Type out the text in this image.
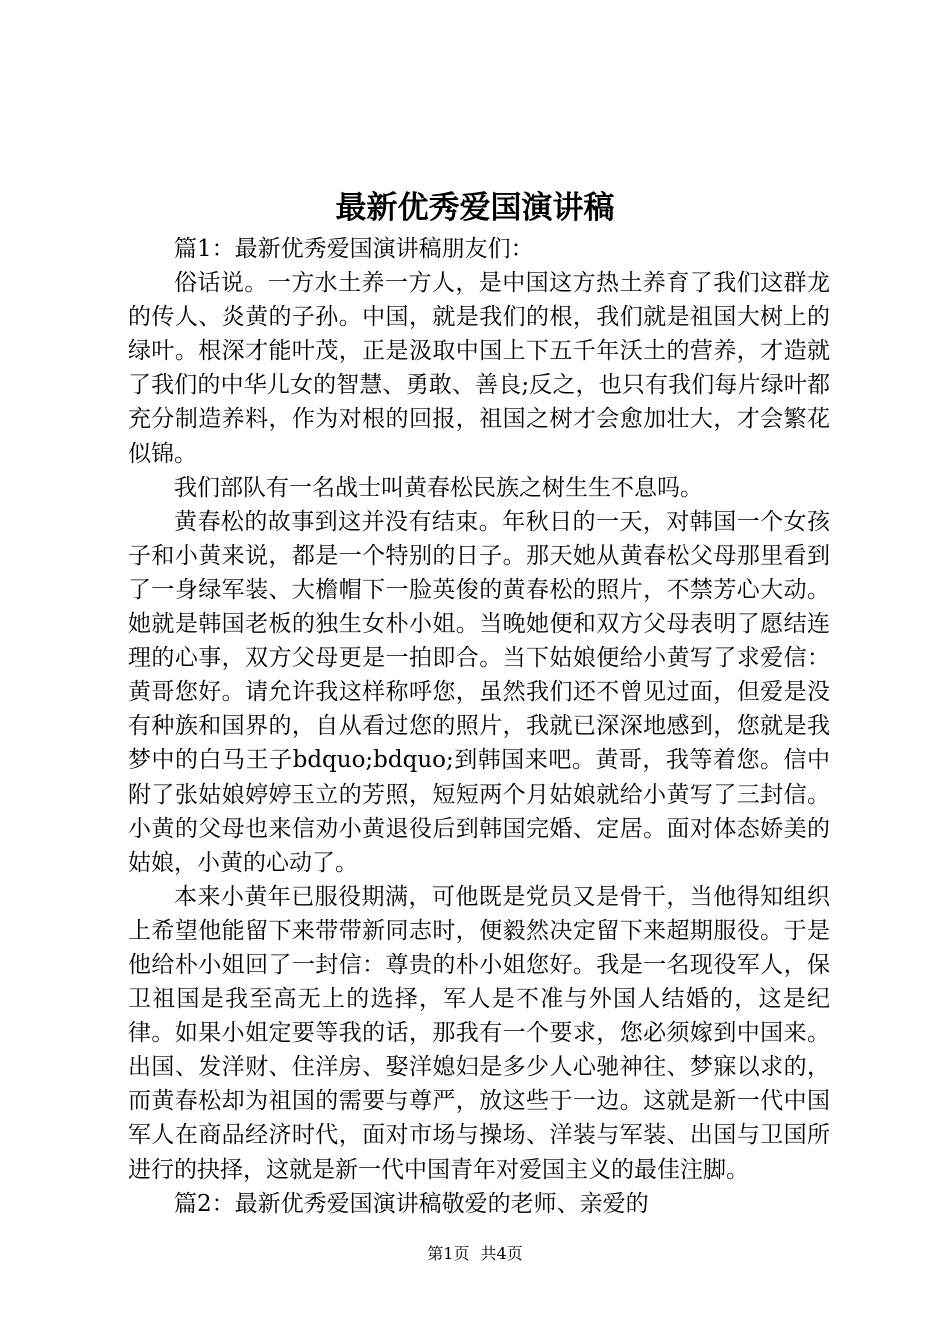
最新优秀爱国演讲稿

篇1：最新优秀爱国演讲稿朋友们：

俗话说。一方水土养一方人，是中国这方热土养育了我们这群龙的传人、炎黄的子孙。中国，就是我们的根，我们就是祖国大树上的绿叶。根深才能叶茂，正是汲取中国上下五千年沃土的营养，才造就了我们的中华儿女的智慧、勇敢、善良;反之，也只有我们每片绿叶都充分制造养料，作为对根的回报，祖国之树才会愈加壮大，才会繁花似锦。

我们部队有一名战士叫黄春松民族之树生生不息吗。

黄春松的故事到这并没有结束。年秋日的一天，对韩国一个女孩子和小黄来说，都是一个特别的日子。那天她从黄春松父母那里看到了一身绿军装、大檐帽下一脸英俊的黄春松的照片，不禁芳心大动。她就是韩国老板的独生女朴小姐。当晚她便和双方父母表明了愿结连理的心事，双方父母更是一拍即合。当下姑娘便给小黄写了求爱信：黄哥您好。请允许我这样称呼您，虽然我们还不曾见过面，但爱是没有种族和国界的，自从看过您的照片，我就已深深地感到，您就是我梦中的白马王子bdquo;bdquo;到韩国来吧。黄哥，我等着您。信中附了张姑娘婷婷玉立的芳照，短短两个月姑娘就给小黄写了三封信。小黄的父母也来信劝小黄退役后到韩国完婚、定居。面对体态娇美的姑娘，小黄的心动了。

本来小黄年已服役期满，可他既是党员又是骨干，当他得知组织上希望他能留下来带带新同志时，便毅然决定留下来超期服役。于是他给朴小姐回了一封信：尊贵的朴小姐您好。我是一名现役军人，保卫祖国是我至高无上的选择，军人是不准与外国人结婚的，这是纪律。如果小姐定要等我的话，那我有一个要求，您必须嫁到中国来。出国、发洋财、住洋房、娶洋媳妇是多少人心驰神往、梦寐以求的，而黄春松却为祖国的需要与尊严，放这些于一边。这就是新一代中国军人在商品经济时代，面对市场与操场、洋装与军装、出国与卫国所进行的抉择，这就是新一代中国青年对爱国主义的最佳注脚。

篇2：最新优秀爱国演讲稿敬爱的老师、亲爱的

第1页 共4页
